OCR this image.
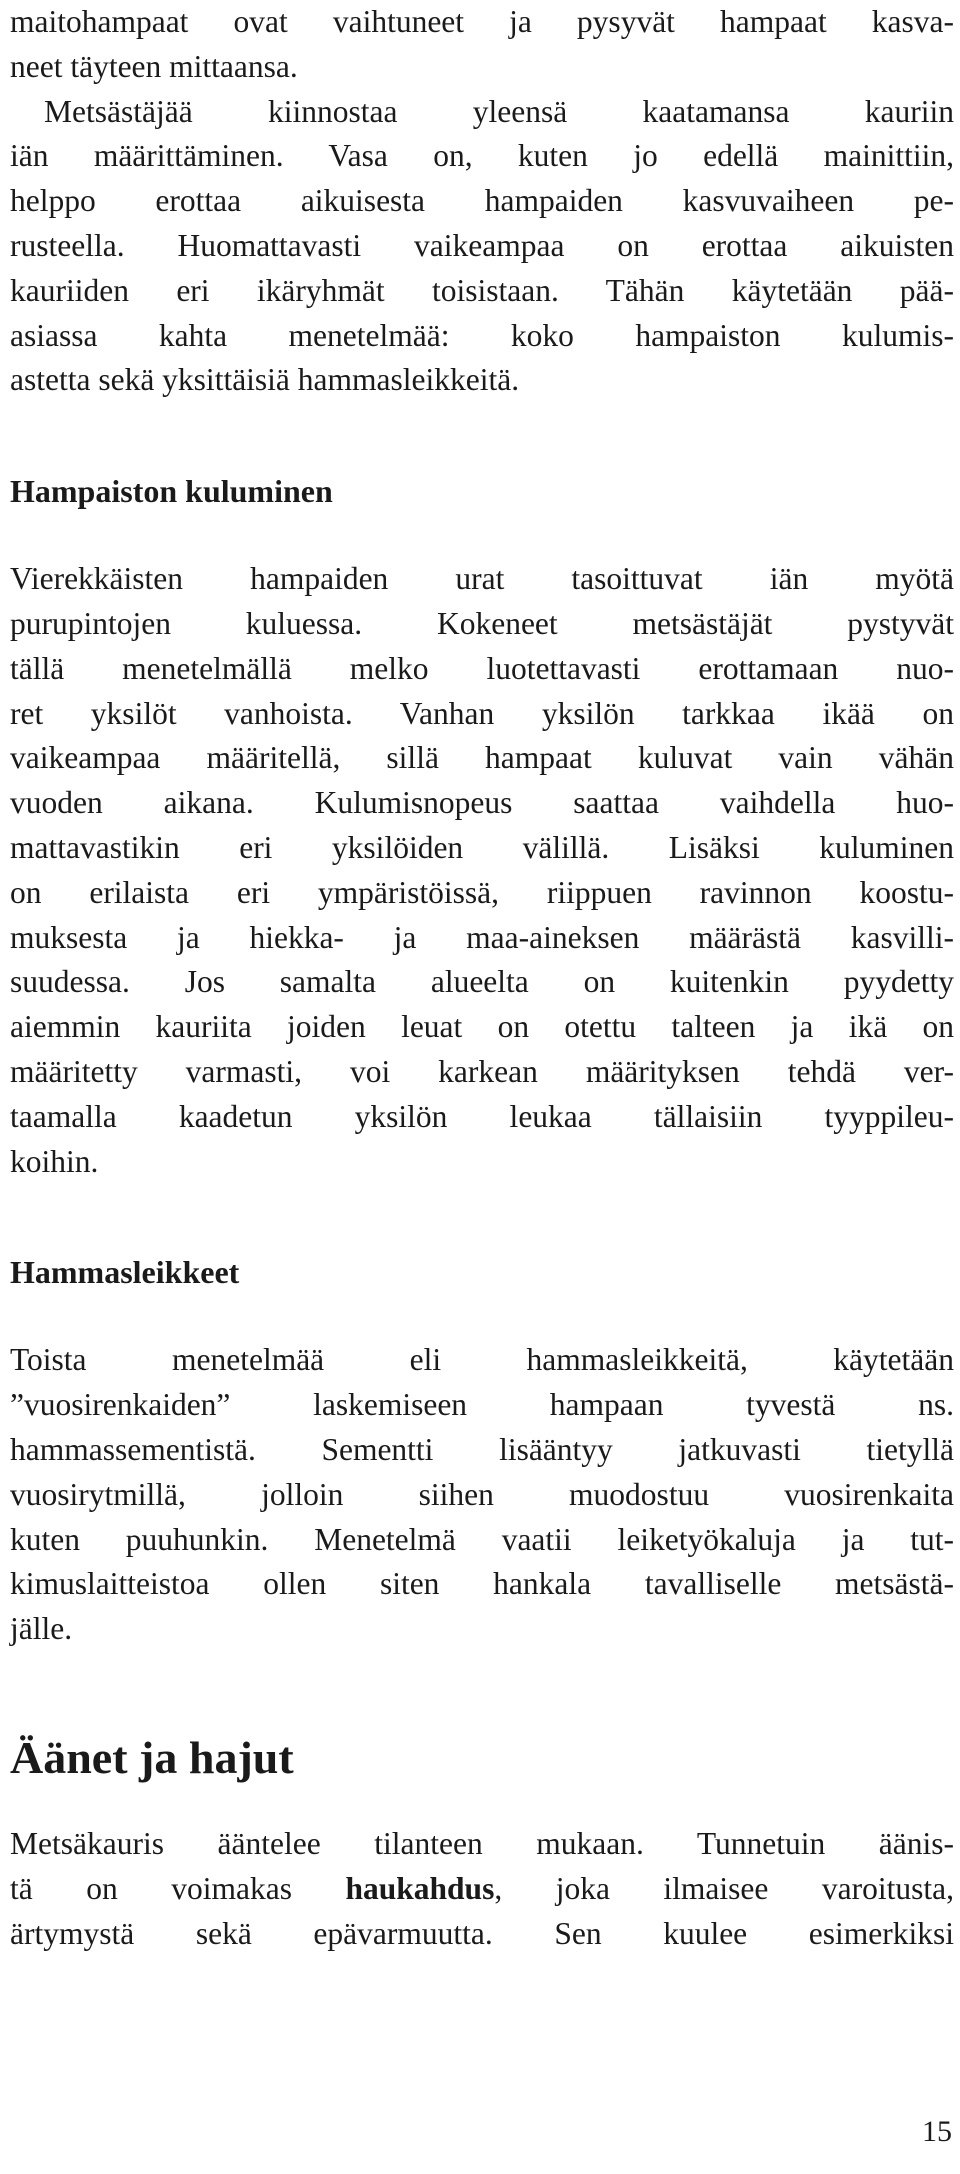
maitohampaat ovat vaihtuneet ja pysyvät hampaat kasva-

neet täyteen mittaansa.

Metsästäjää kiinnostaa yleensä kaatamansa kauriin

iän määrittäminen. Vasa on, kuten jo edellä mainittiin,

helppo erottaa aikuisesta hampaiden kasvuvaiheen pe-

rusteella. Huomattavasti vaikeampaa on erottaa aikuisten

kauriiden eri ikäryhmät toisistaan. Tähän käytetään pää-

asiassa kahta menetelmää: koko hampaiston kulumis-

astetta sekä yksittäisiä hammasleikkeitä.

Hampaiston kuluminen

Vierekkäisten hampaiden urat tasoittuvat iän myötä

purupintojen kuluessa. Kokeneet metsästäjät pystyvät

tällä menetelmällä melko luotettavasti erottamaan nuo-

ret yksilöt vanhoista. Vanhan yksilön tarkkaa ikää on

vaikeampaa määritellä, sillä hampaat kuluvat vain vähän

vuoden aikana. Kulumisnopeus saattaa vaihdella huo-

mattavastikin eri yksilöiden välillä. Lisäksi kuluminen

on erilaista eri ympäristöissä, riippuen ravinnon koostu-

muksesta ja hiekka- ja maa-aineksen määrästä kasvilli-

suudessa. Jos samalta alueelta on kuitenkin pyydetty

aiemmin kauriita joiden leuat on otettu talteen ja ikä on

määritetty varmasti, voi karkean määrityksen tehdä ver-

taamalla kaadetun yksilön leukaa tällaisiin tyyppileu-

koihin.

Hammasleikkeet

Toista menetelmää eli hammasleikkeitä, käytetään

”vuosirenkaiden” laskemiseen hampaan tyvestä ns.

hammassementistä. Sementti lisääntyy jatkuvasti tietyllä

vuosirytmillä, jolloin siihen muodostuu vuosirenkaita

kuten puuhunkin. Menetelmä vaatii leiketyökaluja ja tut-

kimuslaitteistoa ollen siten hankala tavalliselle metsästä-

jälle.

Äänet ja hajut

Metsäkauris ääntelee tilanteen mukaan. Tunnetuin äänis-

tä on voimakas haukahdus, joka ilmaisee varoitusta,

ärtymystä sekä epävarmuutta. Sen kuulee esimerkiksi

15
